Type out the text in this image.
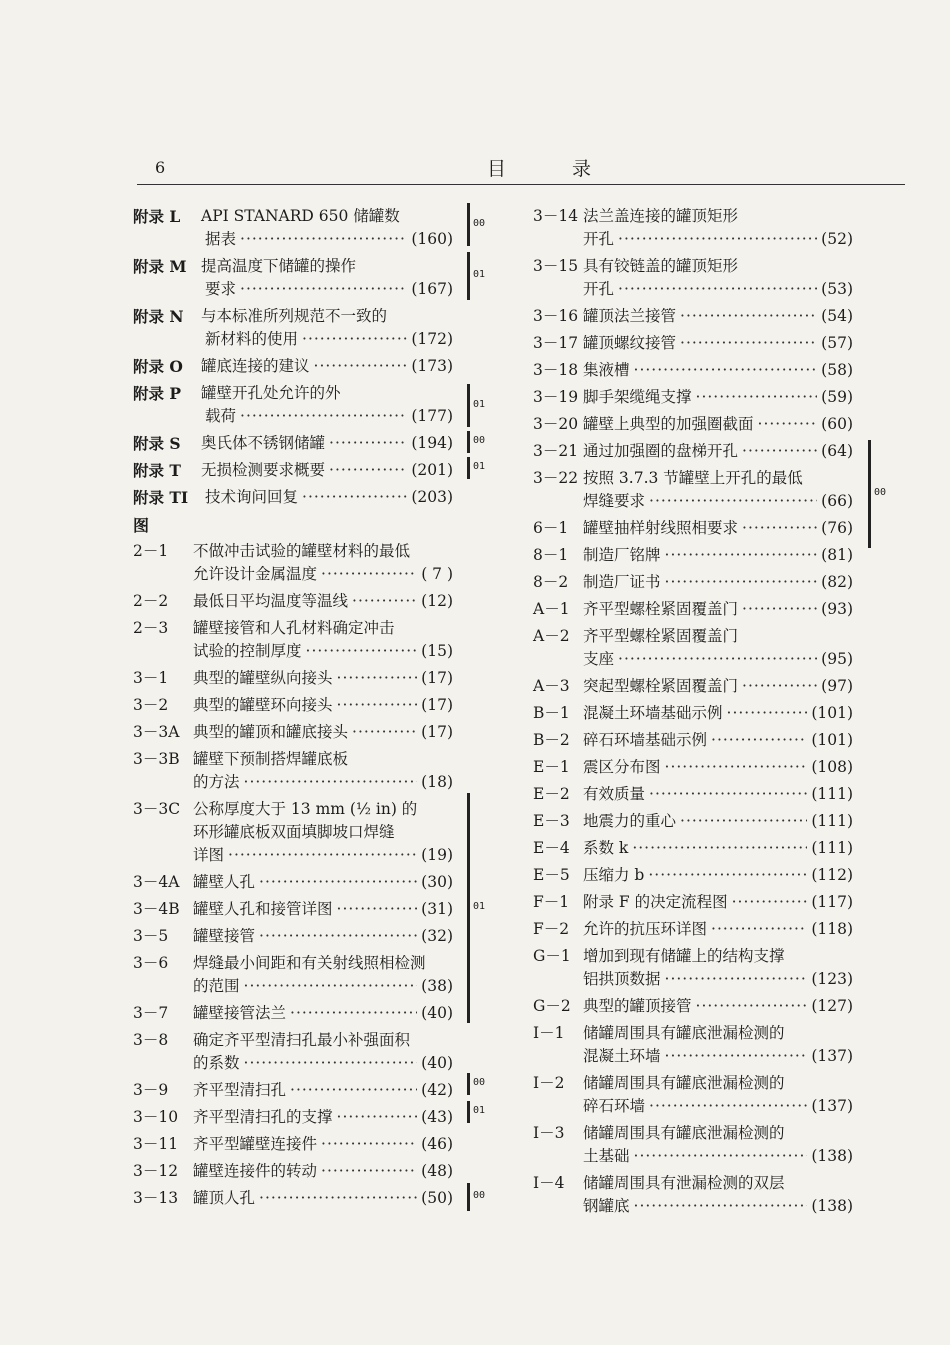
6	目 录
附录 L API STANARD 650 储罐数
据表 ·····	(160)
附录 M 提高温度下储罐的操作
要求 ·····	(167)
附录 N 与本标准所列规范不一致的
新材料的使用 ·····	(172)
附录 O 罐底连接的建议 ·····	(173)
附录 P 罐壁开孔处允许的外
载荷 ·····	(177)
附录 S 奥氏体不锈钢储罐 ·····	(194)
附录 T 无损检测要求概要 ·····	(201)
附录 TI 技术询问回复 ·····	(203)
图
2－1 不做冲击试验的罐壁材料的最低
允许设计金属温度 ·····	( 7 )
2－2 最低日平均温度等温线 ·····	(12)
2－3 罐壁接管和人孔材料确定冲击
试验的控制厚度 ·····	(15)
3－1 典型的罐壁纵向接头 ·····	(17)
3－2 典型的罐壁环向接头 ·····	(17)
3－3A 典型的罐顶和罐底接头 ·····	(17)
3－3B 罐壁下预制搭焊罐底板
的方法 ·····	(18)
3－3C 公称厚度大于 13 mm (½ in) 的
环形罐底板双面填脚坡口焊缝
详图 ·····	(19)
3－4A 罐壁人孔 ·····	(30)
3－4B 罐壁人孔和接管详图 ·····	(31)
3－5 罐壁接管 ·····	(32)
3－6 焊缝最小间距和有关射线照相检测
的范围 ·····	(38)
3－7 罐壁接管法兰 ·····	(40)
3－8 确定齐平型清扫孔最小补强面积
的系数 ·····	(40)
3－9 齐平型清扫孔 ·····	(42)
3－10 齐平型清扫孔的支撑 ·····	(43)
3－11 齐平型罐壁连接件 ·····	(46)
3－12 罐壁连接件的转动 ·····	(48)
3－13 罐顶人孔 ·····	(50)
3－14 法兰盖连接的罐顶矩形
开孔 ·····	(52)
3－15 具有铰链盖的罐顶矩形
开孔 ·····	(53)
3－16 罐顶法兰接管 ·····	(54)
3－17 罐顶螺纹接管 ·····	(57)
3－18 集液槽 ·····	(58)
3－19 脚手架缆绳支撑 ·····	(59)
3－20 罐壁上典型的加强圈截面 ·····	(60)
3－21 通过加强圈的盘梯开孔 ·····	(64)
3－22 按照 3.7.3 节罐壁上开孔的最低
焊缝要求 ·····	(66)
6－1 罐壁抽样射线照相要求 ·····	(76)
8－1 制造厂铭牌 ·····	(81)
8－2 制造厂证书 ·····	(82)
A－1 齐平型螺栓紧固覆盖门 ·····	(93)
A－2 齐平型螺栓紧固覆盖门
支座 ·····	(95)
A－3 突起型螺栓紧固覆盖门 ·····	(97)
B－1 混凝土环墙基础示例 ·····	(101)
B－2 碎石环墙基础示例 ·····	(101)
E－1 震区分布图 ·····	(108)
E－2 有效质量 ·····	(111)
E－3 地震力的重心 ·····	(111)
E－4 系数 k ·····	(111)
E－5 压缩力 b ·····	(112)
F－1 附录 F 的决定流程图 ·····	(117)
F－2 允许的抗压环详图 ·····	(118)
G－1 增加到现有储罐上的结构支撑
铝拱顶数据 ·····	(123)
G－2 典型的罐顶接管 ·····	(127)
I－1 储罐周围具有罐底泄漏检测的
混凝土环墙 ·····	(137)
I－2 储罐周围具有罐底泄漏检测的
碎石环墙 ·····	(137)
I－3 储罐周围具有罐底泄漏检测的
土基础 ·····	(138)
I－4 储罐周围具有泄漏检测的双层
钢罐底 ·····	(138)
00
01
01
00
01
01
00
01
00
00
